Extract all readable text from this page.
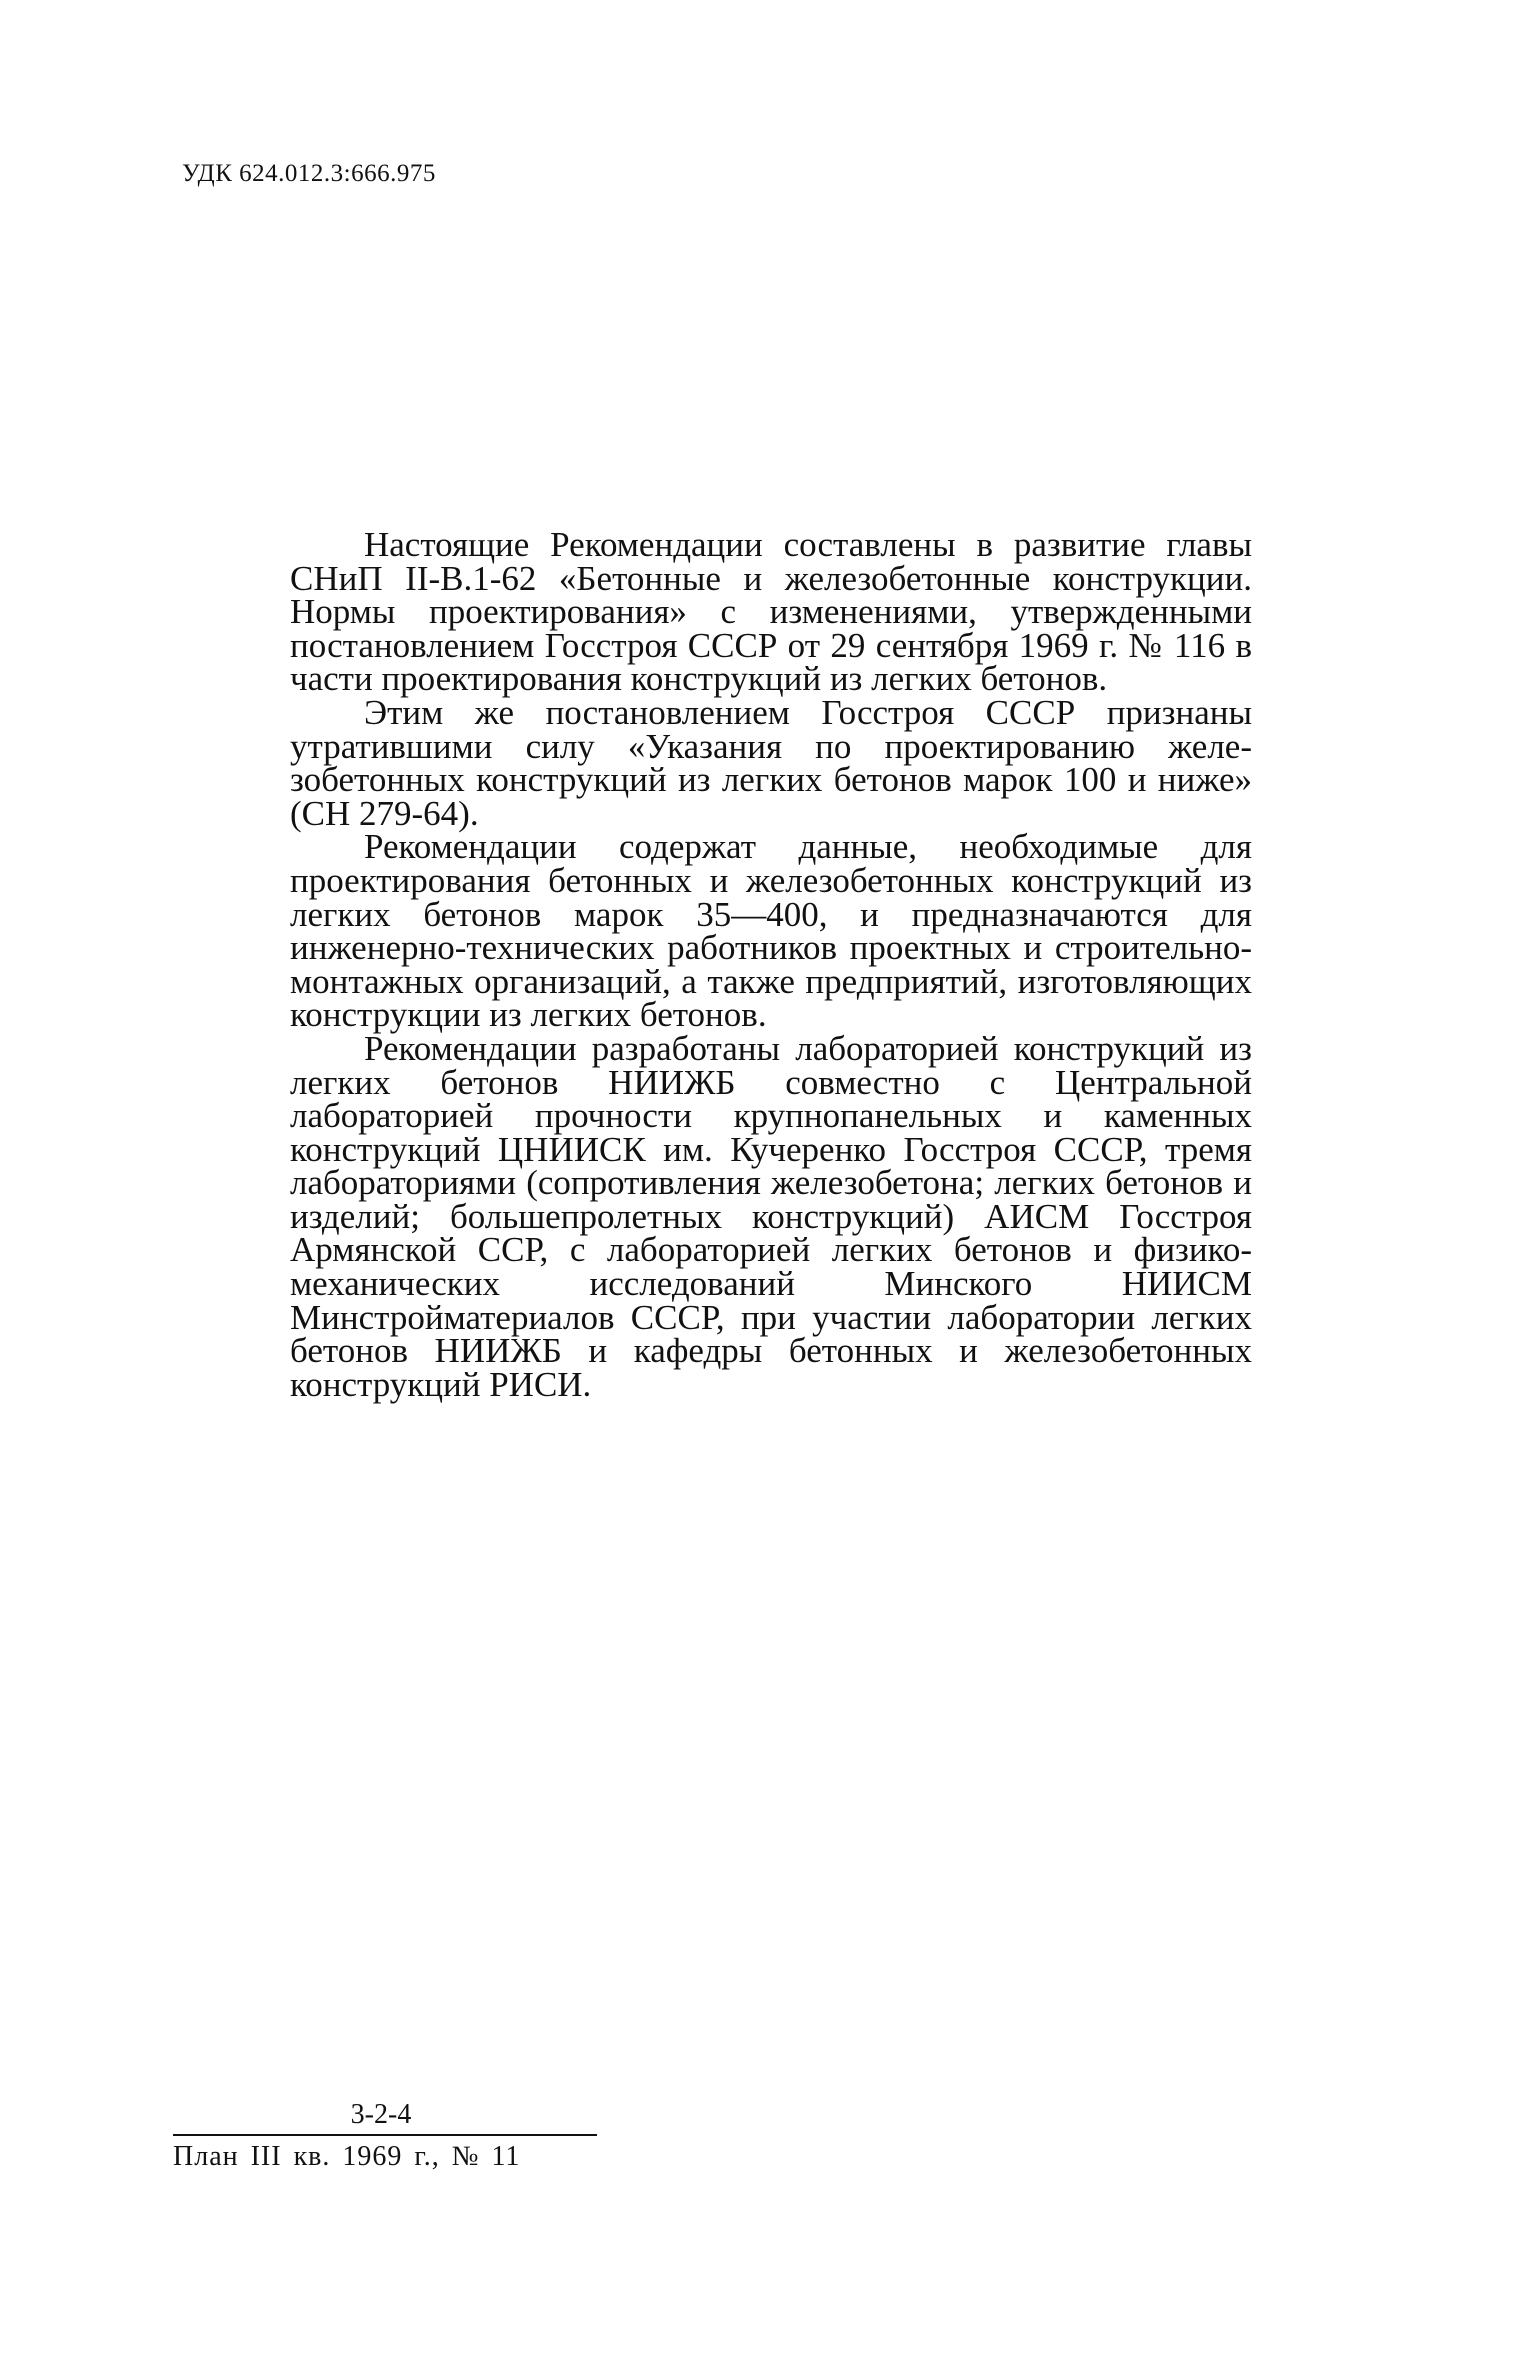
УДК 624.012.3:666.975

Настоящие Рекомендации составлены в развитие главы СНиП II-В.1-62 «Бетонные и железобетонные конструкции. Нормы проектирования» с изменениями, утвержденными постановлением Госстроя СССР от 29 сентября 1969 г. № 116 в части проектирования конструкций из легких бетонов.

Этим же постановлением Госстроя СССР признаны утратившими силу «Указания по проектированию железобетонных конструкций из легких бетонов марок 100 и ниже» (СН 279-64).

Рекомендации содержат данные, необходимые для проектирования бетонных и железобетонных конструкций из легких бетонов марок 35—400, и предназначаются для инженерно-технических работников проектных и строительно-монтажных организаций, а также предприятий, изготовляющих конструкции из легких бетонов.

Рекомендации разработаны лабораторией конструкций из легких бетонов НИИЖБ совместно с Центральной лабораторией прочности крупнопанельных и каменных конструкций ЦНИИСК им. Кучеренко Госстроя СССР, тремя лабораториями (сопротивления железобетона; легких бетонов и изделий; большепролетных конструкций) АИСМ Госстроя Армянской ССР, с лабораторией легких бетонов и физико-механических исследований Минского НИИСМ Минстройматериалов СССР, при участии лаборатории легких бетонов НИИЖБ и кафедры бетонных и железобетонных конструкций РИСИ.

3-2-4
План III кв. 1969 г., № 11
